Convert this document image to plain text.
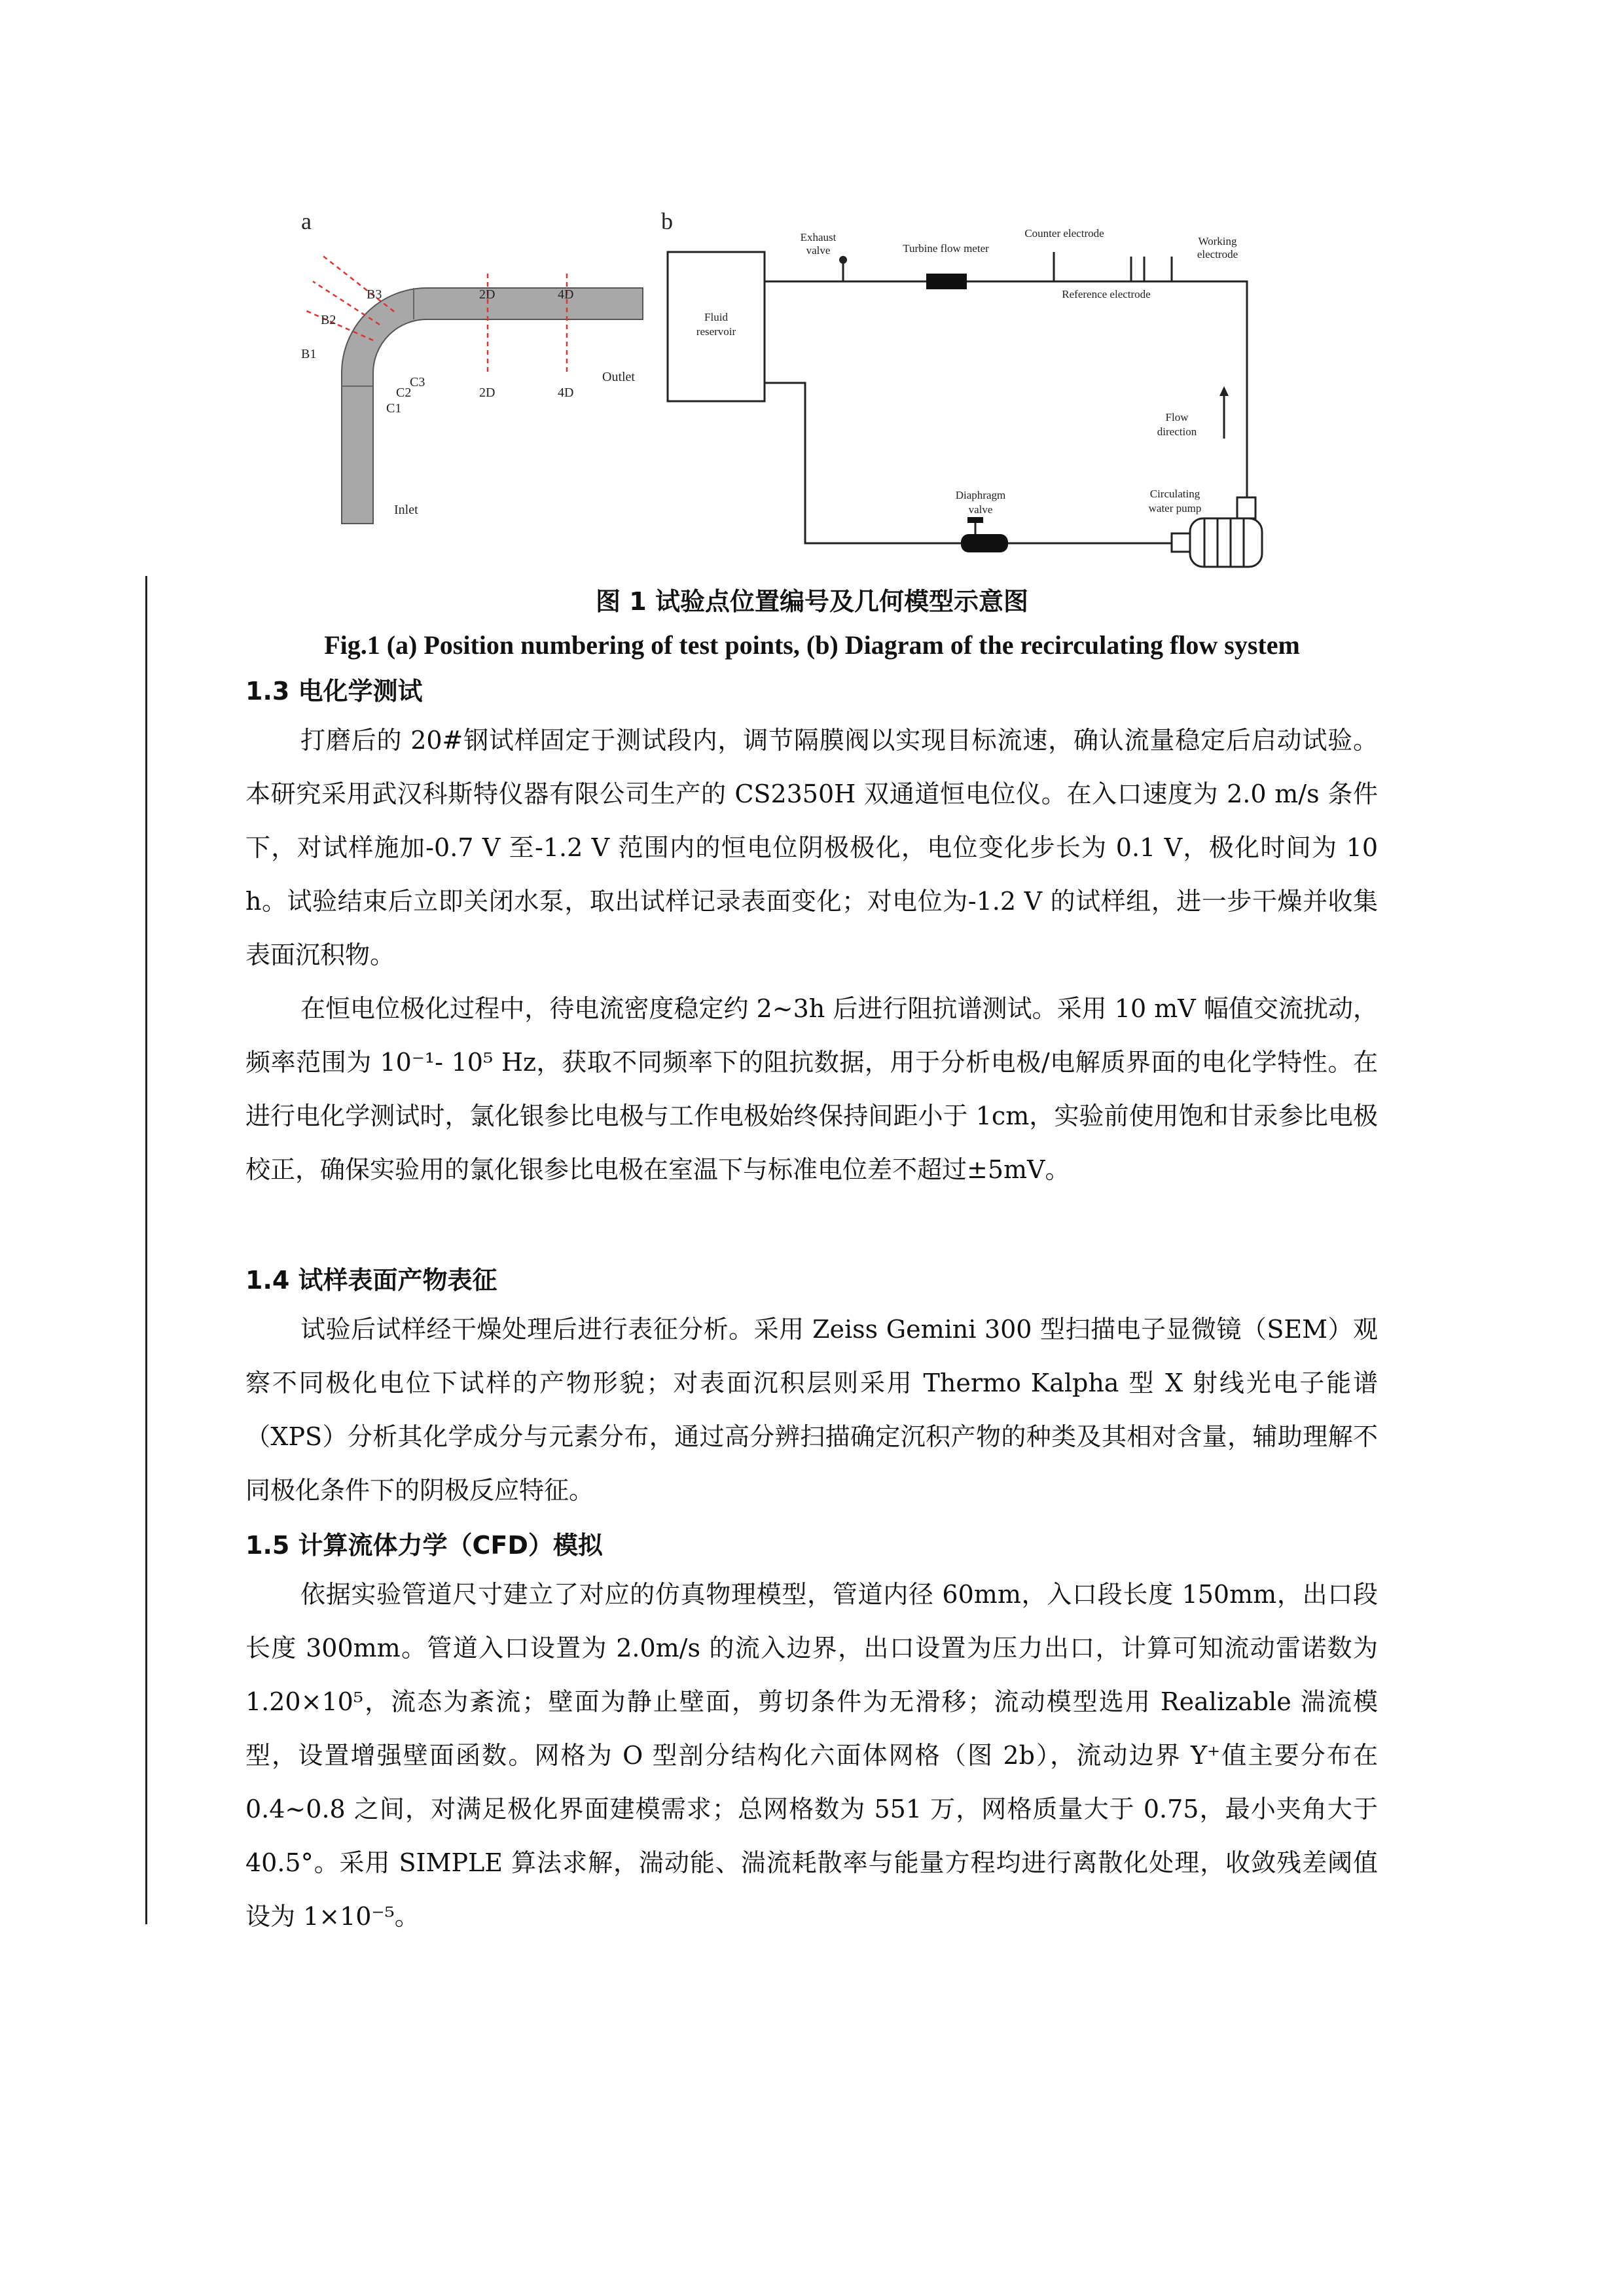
a
B3
B2
B1
C3
C2
C1
2D
2D
4D
4D
Outlet
Inlet
b
Fluid
reservoir
Exhaust
valve	Turbine flow meter
Counter electrode
Working
electrode
Reference electrode
Flow
direction
Diaphragm
valve
Circulating
water pump
图 1 试验点位置编号及几何模型示意图
Fig.1 (a) Position numbering of test points, (b) Diagram of the recirculating flow system
1.3 电化学测试
打磨后的 20#钢试样固定于测试段内，调节隔膜阀以实现目标流速，确认流量稳定后启动试验。本研究采用武汉科斯特仪器有限公司生产的 CS2350H 双通道恒电位仪。在入口速度为 2.0 m/s 条件下，对试样施加-0.7 V 至-1.2 V 范围内的恒电位阴极极化，电位变化步长为 0.1 V，极化时间为 10 h。试验结束后立即关闭水泵，取出试样记录表面变化；对电位为-1.2 V 的试样组，进一步干燥并收集表面沉积物。
在恒电位极化过程中，待电流密度稳定约 2~3h 后进行阻抗谱测试。采用 10 mV 幅值交流扰动，频率范围为 10⁻¹- 10⁵ Hz，获取不同频率下的阻抗数据，用于分析电极/电解质界面的电化学特性。在进行电化学测试时，氯化银参比电极与工作电极始终保持间距小于 1cm，实验前使用饱和甘汞参比电极校正，确保实验用的氯化银参比电极在室温下与标准电位差不超过±5mV。
1.4 试样表面产物表征
试验后试样经干燥处理后进行表征分析。采用 Zeiss Gemini 300 型扫描电子显微镜（SEM）观察不同极化电位下试样的产物形貌；对表面沉积层则采用 Thermo Kalpha 型 X 射线光电子能谱（XPS）分析其化学成分与元素分布，通过高分辨扫描确定沉积产物的种类及其相对含量，辅助理解不同极化条件下的阴极反应特征。
1.5 计算流体力学（CFD）模拟
依据实验管道尺寸建立了对应的仿真物理模型，管道内径 60mm，入口段长度 150mm，出口段长度 300mm。管道入口设置为 2.0m/s 的流入边界，出口设置为压力出口，计算可知流动雷诺数为 1.20×10⁵，流态为紊流；壁面为静止壁面，剪切条件为无滑移；流动模型选用 Realizable 湍流模型，设置增强壁面函数。网格为 O 型剖分结构化六面体网格（图 2b），流动边界 Y⁺值主要分布在 0.4~0.8 之间，对满足极化界面建模需求；总网格数为 551 万，网格质量大于 0.75，最小夹角大于 40.5°。采用 SIMPLE 算法求解，湍动能、湍流耗散率与能量方程均进行离散化处理，收敛残差阈值设为 1×10⁻⁵。
